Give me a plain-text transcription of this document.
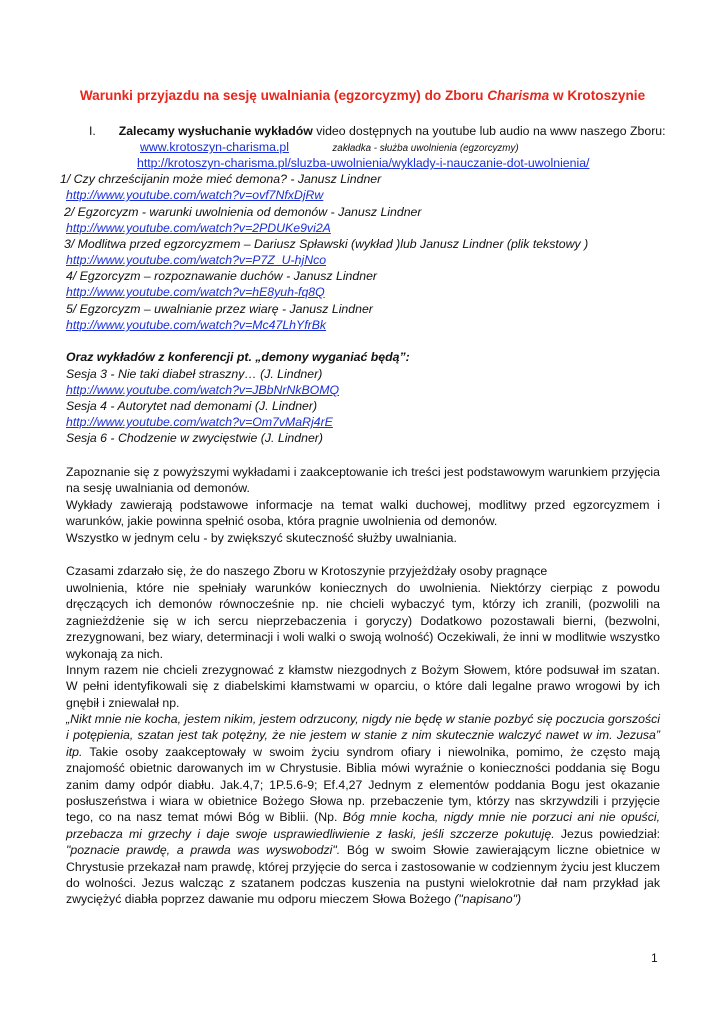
Warunki przyjazdu na sesję uwalniania (egzorcyzmy) do Zboru Charisma w Krotoszynie
I. Zalecamy wysłuchanie wykładów video dostępnych na youtube lub audio na www naszego Zboru:
www.krotoszyn-charisma.pl	zakładka - służba uwolnienia (egzorcyzmy)
http://krotoszyn-charisma.pl/sluzba-uwolnienia/wyklady-i-nauczanie-dot-uwolnienia/
1/ Czy chrześcijanin może mieć demona? - Janusz Lindner
http://www.youtube.com/watch?v=ovf7NfxDjRw
2/ Egzorcyzm - warunki uwolnienia od demonów - Janusz Lindner
http://www.youtube.com/watch?v=2PDUKe9vi2A
3/ Modlitwa przed egzorcyzmem – Dariusz Spławski (wykład )lub Janusz Lindner (plik tekstowy )
http://www.youtube.com/watch?v=P7Z_U-hjNco
4/ Egzorcyzm – rozpoznawanie duchów - Janusz Lindner
http://www.youtube.com/watch?v=hE8yuh-fq8Q
5/ Egzorcyzm – uwalnianie przez wiarę - Janusz Lindner
http://www.youtube.com/watch?v=Mc47LhYfrBk
Oraz wykładów z konferencji pt. „demony wyganiać będą”:
Sesja 3 - Nie taki diabeł straszny… (J. Lindner)
http://www.youtube.com/watch?v=JBbNrNkBOMQ
Sesja 4 - Autorytet nad demonami (J. Lindner)
http://www.youtube.com/watch?v=Om7vMaRj4rE
Sesja 6 - Chodzenie w zwycięstwie (J. Lindner)

Zapoznanie się z powyższymi wykładami i zaakceptowanie ich treści jest podstawowym warunkiem przyjęcia na sesję uwalniania od demonów.

Wykłady zawierają podstawowe informacje na temat walki duchowej, modlitwy przed egzorcyzmem i warunków, jakie powinna spełnić osoba, która pragnie uwolnienia od demonów.

Wszystko w jednym celu - by zwiększyć skuteczność służby uwalniania.

Czasami zdarzało się, że do naszego Zboru w Krotoszynie przyjeżdżały osoby pragnące

uwolnienia, które nie spełniały warunków koniecznych do uwolnienia. Niektórzy cierpiąc z powodu dręczących ich demonów równocześnie np. nie chcieli wybaczyć tym, którzy ich zranili, (pozwolili na zagnieżdżenie się w ich sercu nieprzebaczenia i goryczy) Dodatkowo pozostawali bierni, (bezwolni, zrezygnowani, bez wiary, determinacji i woli walki o swoją wolność) Oczekiwali, że inni w modlitwie wszystko wykonają za nich.

Innym razem nie chcieli zrezygnować z kłamstw niezgodnych z Bożym Słowem, które podsuwał im szatan. W pełni identyfikowali się z diabelskimi kłamstwami w oparciu, o które dali legalne prawo wrogowi by ich gnębił i zniewalał np.

„Nikt mnie nie kocha, jestem nikim, jestem odrzucony, nigdy nie będę w stanie pozbyć się poczucia gorszości i potępienia, szatan jest tak potężny, że nie jestem w stanie z nim skutecznie walczyć nawet w im. Jezusa” itp. Takie osoby zaakceptowały w swoim życiu syndrom ofiary i niewolnika, pomimo, że często mają znajomość obietnic darowanych im w Chrystusie. Biblia mówi wyraźnie o konieczności poddania się Bogu zanim damy odpór diabłu. Jak.4,7; 1P.5.6-9; Ef.4,27 Jednym z elementów poddania Bogu jest okazanie posłuszeństwa i wiara w obietnice Bożego Słowa np. przebaczenie tym, którzy nas skrzywdzili i przyjęcie tego, co na nasz temat mówi Bóg w Biblii. (Np. Bóg mnie kocha, nigdy mnie nie porzuci ani nie opuści, przebacza mi grzechy i daje swoje usprawiedliwienie z łaski, jeśli szczerze pokutuję. Jezus powiedział: "poznacie prawdę, a prawda was wyswobodzi". Bóg w swoim Słowie zawierającym liczne obietnice w Chrystusie przekazał nam prawdę, której przyjęcie do serca i zastosowanie w codziennym życiu jest kluczem do wolności. Jezus walcząc z szatanem podczas kuszenia na pustyni wielokrotnie dał nam przykład jak zwyciężyć diabła poprzez dawanie mu odporu mieczem Słowa Bożego ("napisano")

1
